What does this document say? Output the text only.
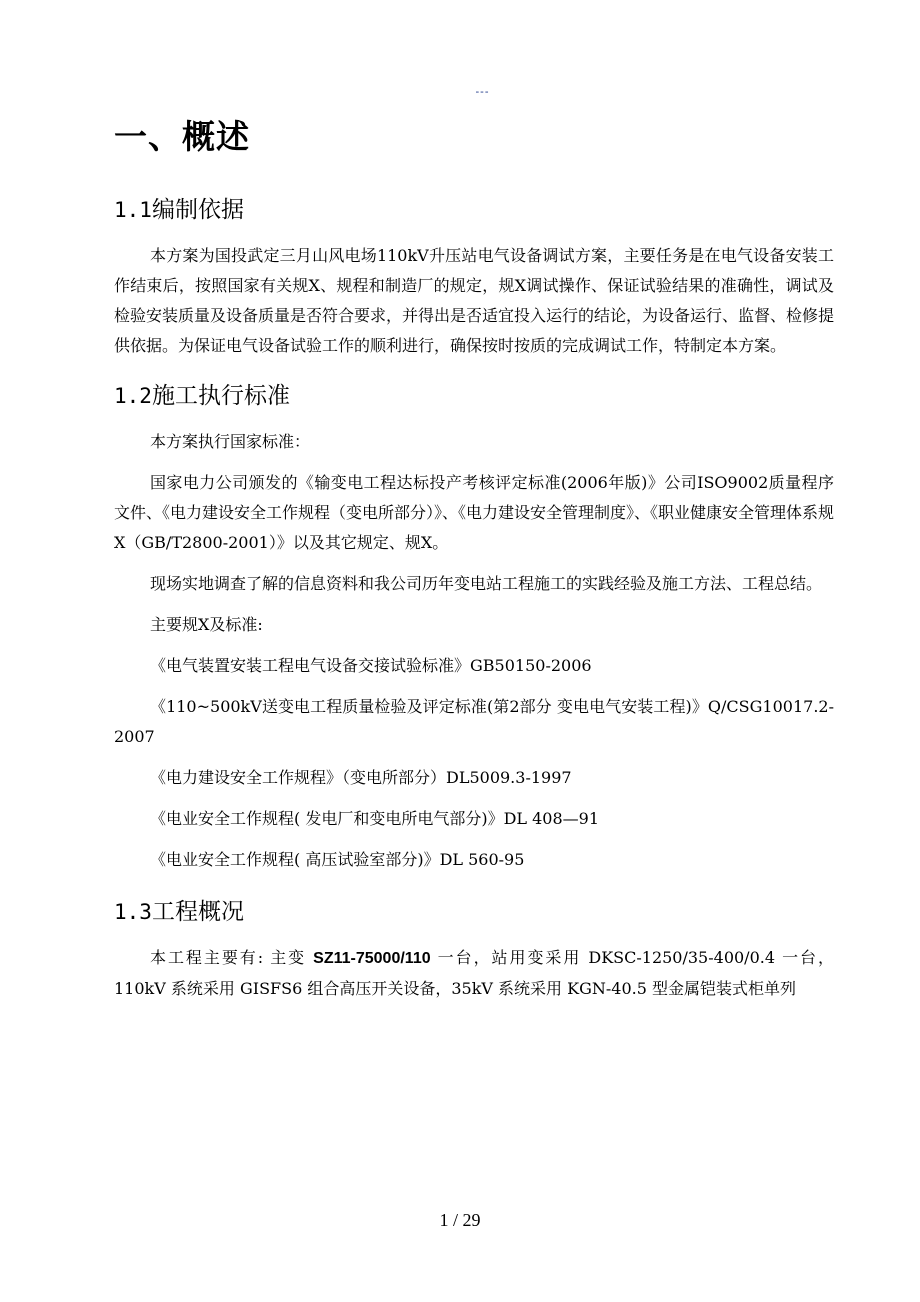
---
一、概述
1.1编制依据

本方案为国投武定三月山风电场110kV升压站电气设备调试方案，主要任务是在电气设备安装工作结束后，按照国家有关规X、规程和制造厂的规定，规X调试操作、保证试验结果的准确性，调试及检验安装质量及设备质量是否符合要求，并得出是否适宜投入运行的结论，为设备运行、监督、检修提供依据。为保证电气设备试验工作的顺利进行，确保按时按质的完成调试工作，特制定本方案。

1.2施工执行标准

本方案执行国家标准：

国家电力公司颁发的《输变电工程达标投产考核评定标准(2006年版)》公司ISO9002质量程序文件、《电力建设安全工作规程（变电所部分）》、《电力建设安全管理制度》、《职业健康安全管理体系规X（GB/T2800-2001）》以及其它规定、规X。

现场实地调查了解的信息资料和我公司历年变电站工程施工的实践经验及施工方法、工程总结。

主要规X及标准:

《电气装置安装工程电气设备交接试验标准》GB50150-2006

《110~500kV送变电工程质量检验及评定标准(第2部分 变电电气安装工程)》Q/CSG10017.2-2007

《电力建设安全工作规程》（变电所部分）DL5009.3-1997

《电业安全工作规程( 发电厂和变电所电气部分)》DL 408—91

《电业安全工作规程( 高压试验室部分)》DL 560-95

1.3工程概况

本工程主要有: 主变 SZ11-75000/110 一台，站用变采用 DKSC-1250/35-400/0.4 一台，110kV 系统采用 GISFS6 组合高压开关设备，35kV 系统采用 KGN-40.5 型金属铠装式柜单列

1 / 29
